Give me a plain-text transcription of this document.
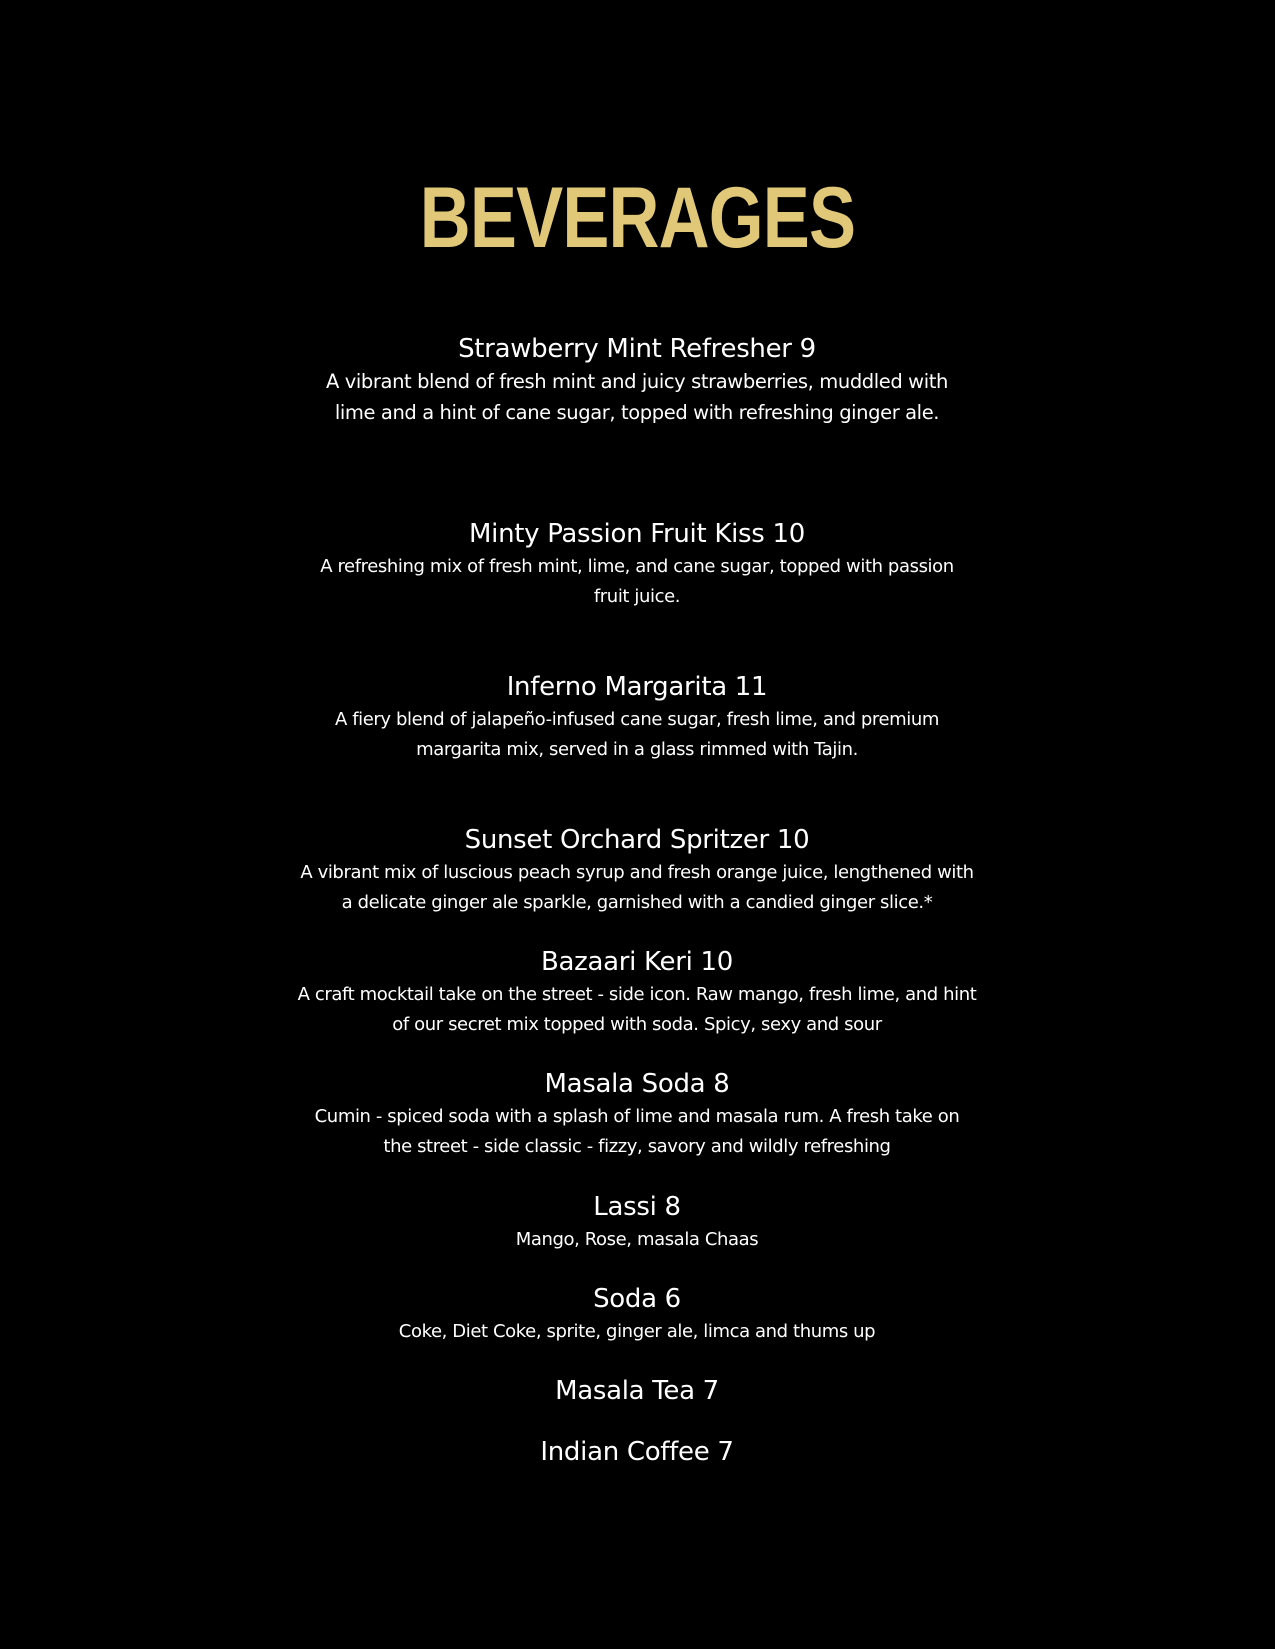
BEVERAGES
Strawberry Mint Refresher 9
A vibrant blend of fresh mint and juicy strawberries, muddled with lime and a hint of cane sugar, topped with refreshing ginger ale.
Minty Passion Fruit Kiss 10
A refreshing mix of fresh mint, lime, and cane sugar, topped with passion fruit juice.
Inferno Margarita 11
A fiery blend of jalapeño-infused cane sugar, fresh lime, and premium margarita mix, served in a glass rimmed with Tajin.
Sunset Orchard Spritzer 10
A vibrant mix of luscious peach syrup and fresh orange juice, lengthened with a delicate ginger ale sparkle, garnished with a candied ginger slice.*
Bazaari Keri 10
A craft mocktail take on the street - side icon. Raw mango, fresh lime, and hint of our secret mix topped with soda. Spicy, sexy and sour
Masala Soda 8
Cumin - spiced soda with a splash of lime and masala rum. A fresh take on the street - side classic - fizzy, savory and wildly refreshing
Lassi 8
Mango, Rose, masala Chaas
Soda 6
Coke, Diet Coke, sprite, ginger ale, limca and thums up
Masala Tea 7
Indian Coffee 7
